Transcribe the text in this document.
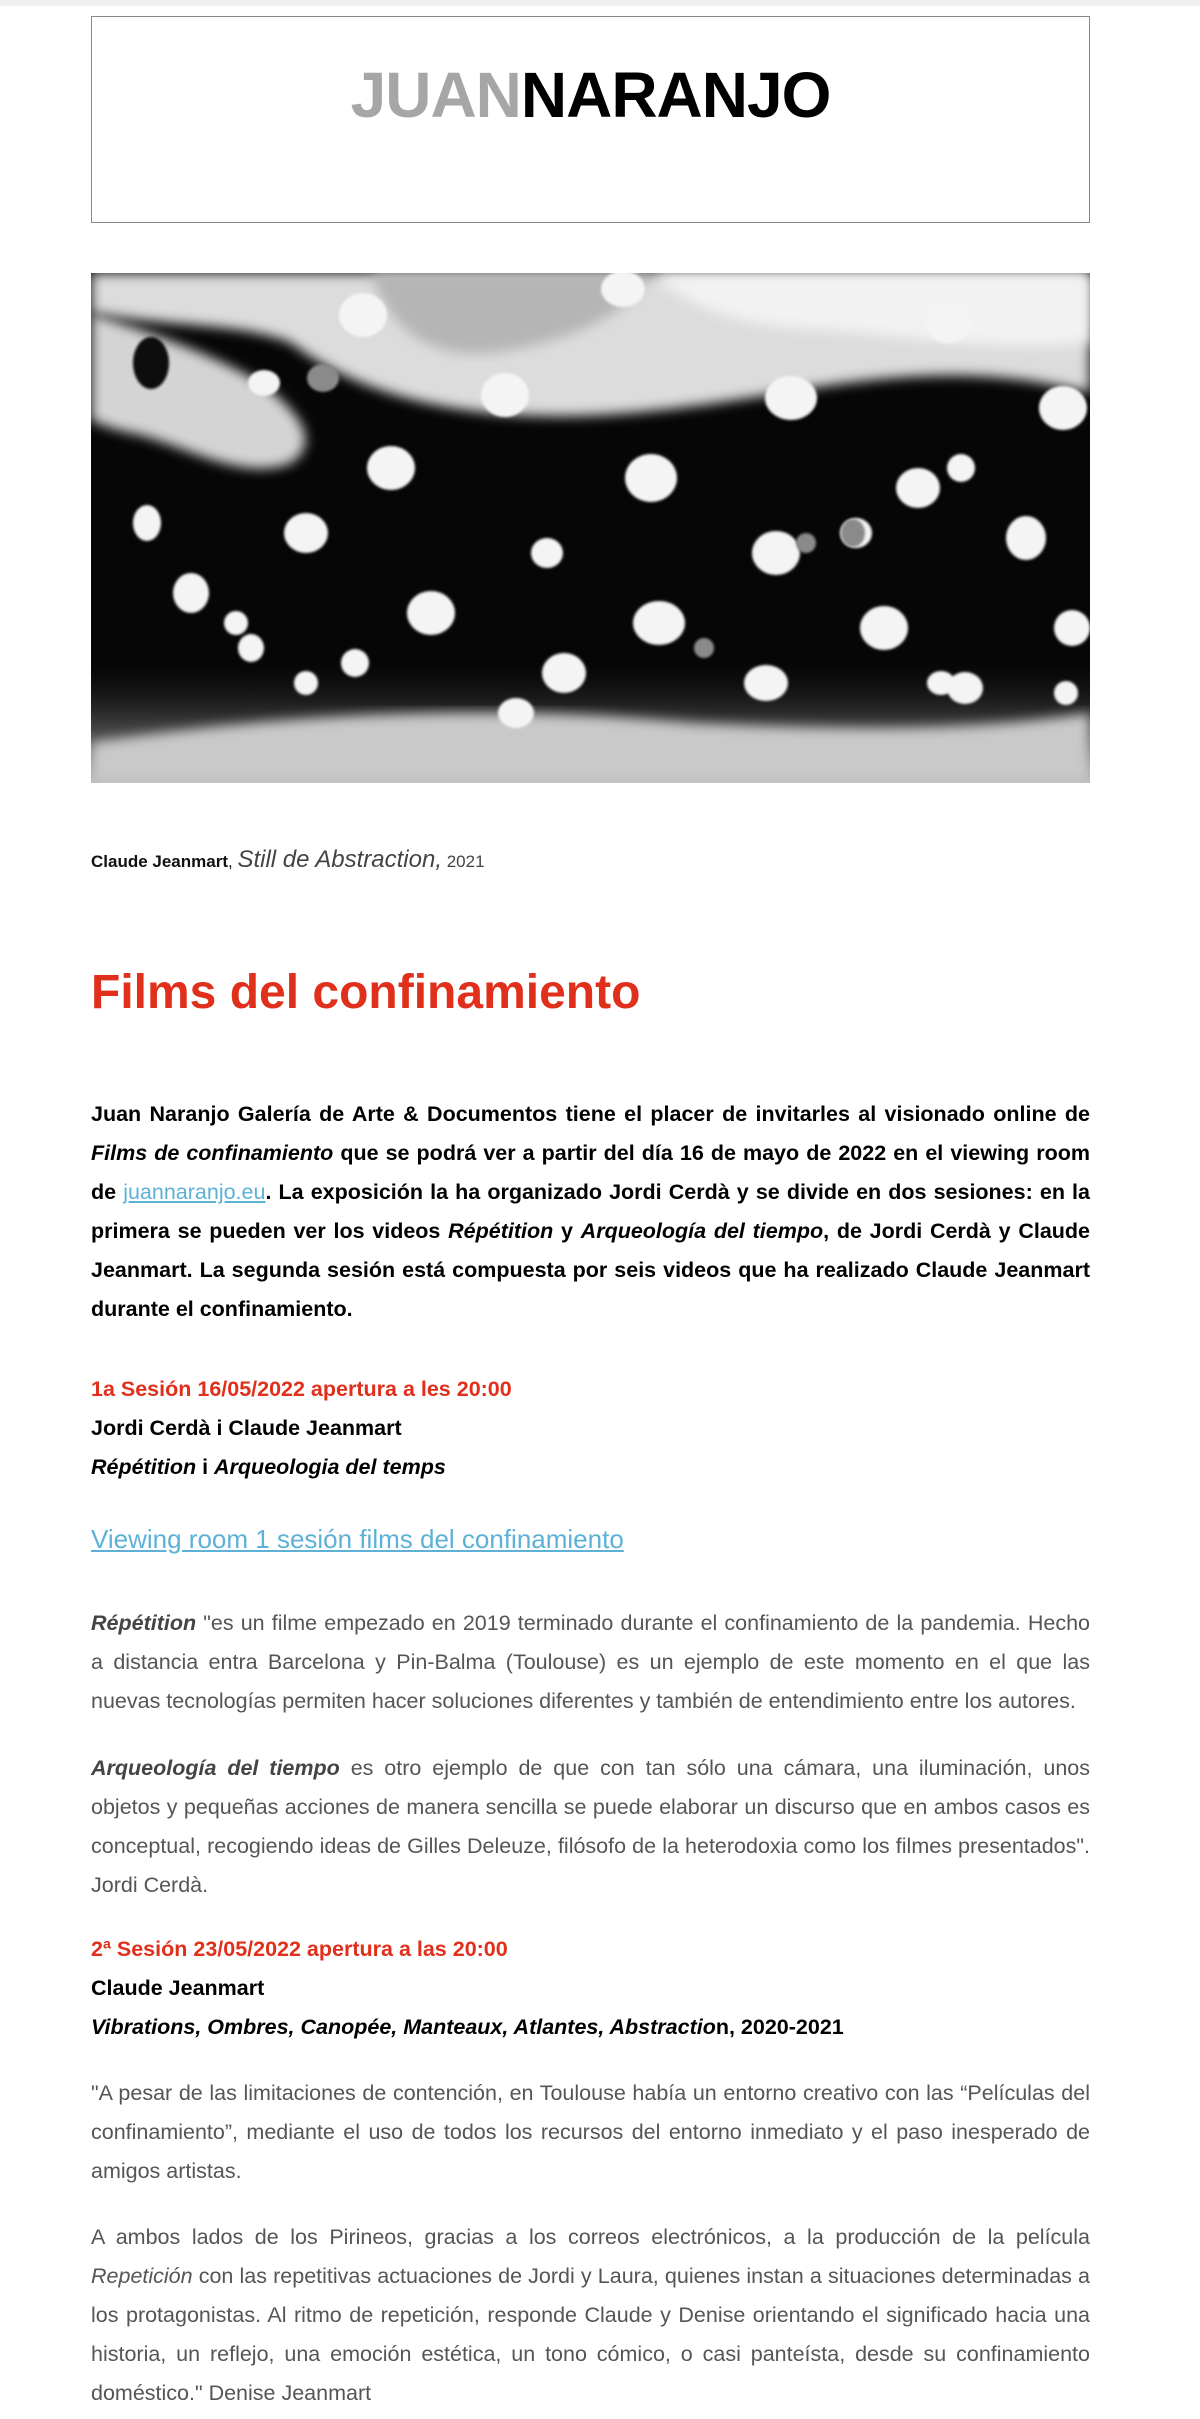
JUANNARANJO
Claude Jeanmart, Still de Abstraction, 2021
Films del confinamiento

Juan Naranjo Galería de Arte & Documentos tiene el placer de invitarles al visionado online de Films de confinamiento que se podrá ver a partir del día 16 de mayo de 2022 en el viewing room de juannaranjo.eu. La exposición la ha organizado Jordi Cerdà y se divide en dos sesiones: en la primera se pueden ver los videos Répétition y Arqueología del tiempo, de Jordi Cerdà y Claude Jeanmart. La segunda sesión está compuesta por seis videos que ha realizado Claude Jeanmart durante el confinamiento.

1a Sesión 16/05/2022 apertura a les 20:00

Jordi Cerdà i Claude Jeanmart

Répétition i Arqueologia del temps

Viewing room 1 sesión films del confinamiento

Répétition "es un filme empezado en 2019 terminado durante el confinamiento de la pandemia. Hecho a distancia entra Barcelona y Pin-Balma (Toulouse) es un ejemplo de este momento en el que las nuevas tecnologías permiten hacer soluciones diferentes y también de entendimiento entre los autores.

Arqueología del tiempo es otro ejemplo de que con tan sólo una cámara, una iluminación, unos objetos y pequeñas acciones de manera sencilla se puede elaborar un discurso que en ambos casos es conceptual, recogiendo ideas de Gilles Deleuze, filósofo de la heterodoxia como los filmes presentados". Jordi Cerdà.

2ª Sesión 23/05/2022 apertura a las 20:00

Claude Jeanmart

Vibrations, Ombres, Canopée, Manteaux, Atlantes, Abstraction, 2020-2021

"A pesar de las limitaciones de contención, en Toulouse había un entorno creativo con las “Películas del confinamiento”, mediante el uso de todos los recursos del entorno inmediato y el paso inesperado de amigos artistas.

A ambos lados de los Pirineos, gracias a los correos electrónicos, a la producción de la película Repetición con las repetitivas actuaciones de Jordi y Laura, quienes instan a situaciones determinadas a los protagonistas. Al ritmo de repetición, responde Claude y Denise orientando el significado hacia una historia, un reflejo, una emoción estética, un tono cómico, o casi panteísta, desde su confinamiento doméstico." Denise Jeanmart
